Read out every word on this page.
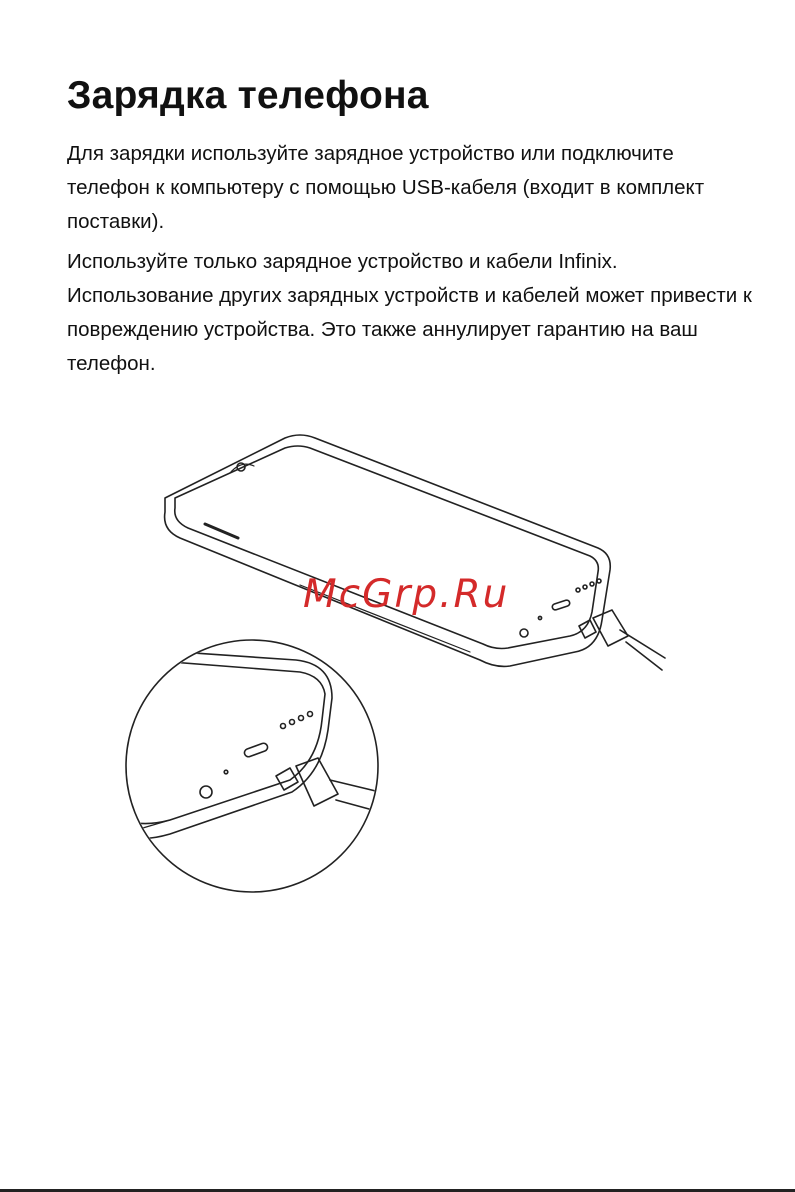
Зарядка телефона

Для зарядки используйте зарядное устройство или подключите телефон к компьютеру с помощью USB-кабеля (входит в комплект поставки).

Используйте только зарядное устройство и кабели Infinix. Использование других зарядных устройств и кабелей может привести к повреждению устройства. Это также аннулирует гарантию на ваш телефон.

McGrp.Ru
